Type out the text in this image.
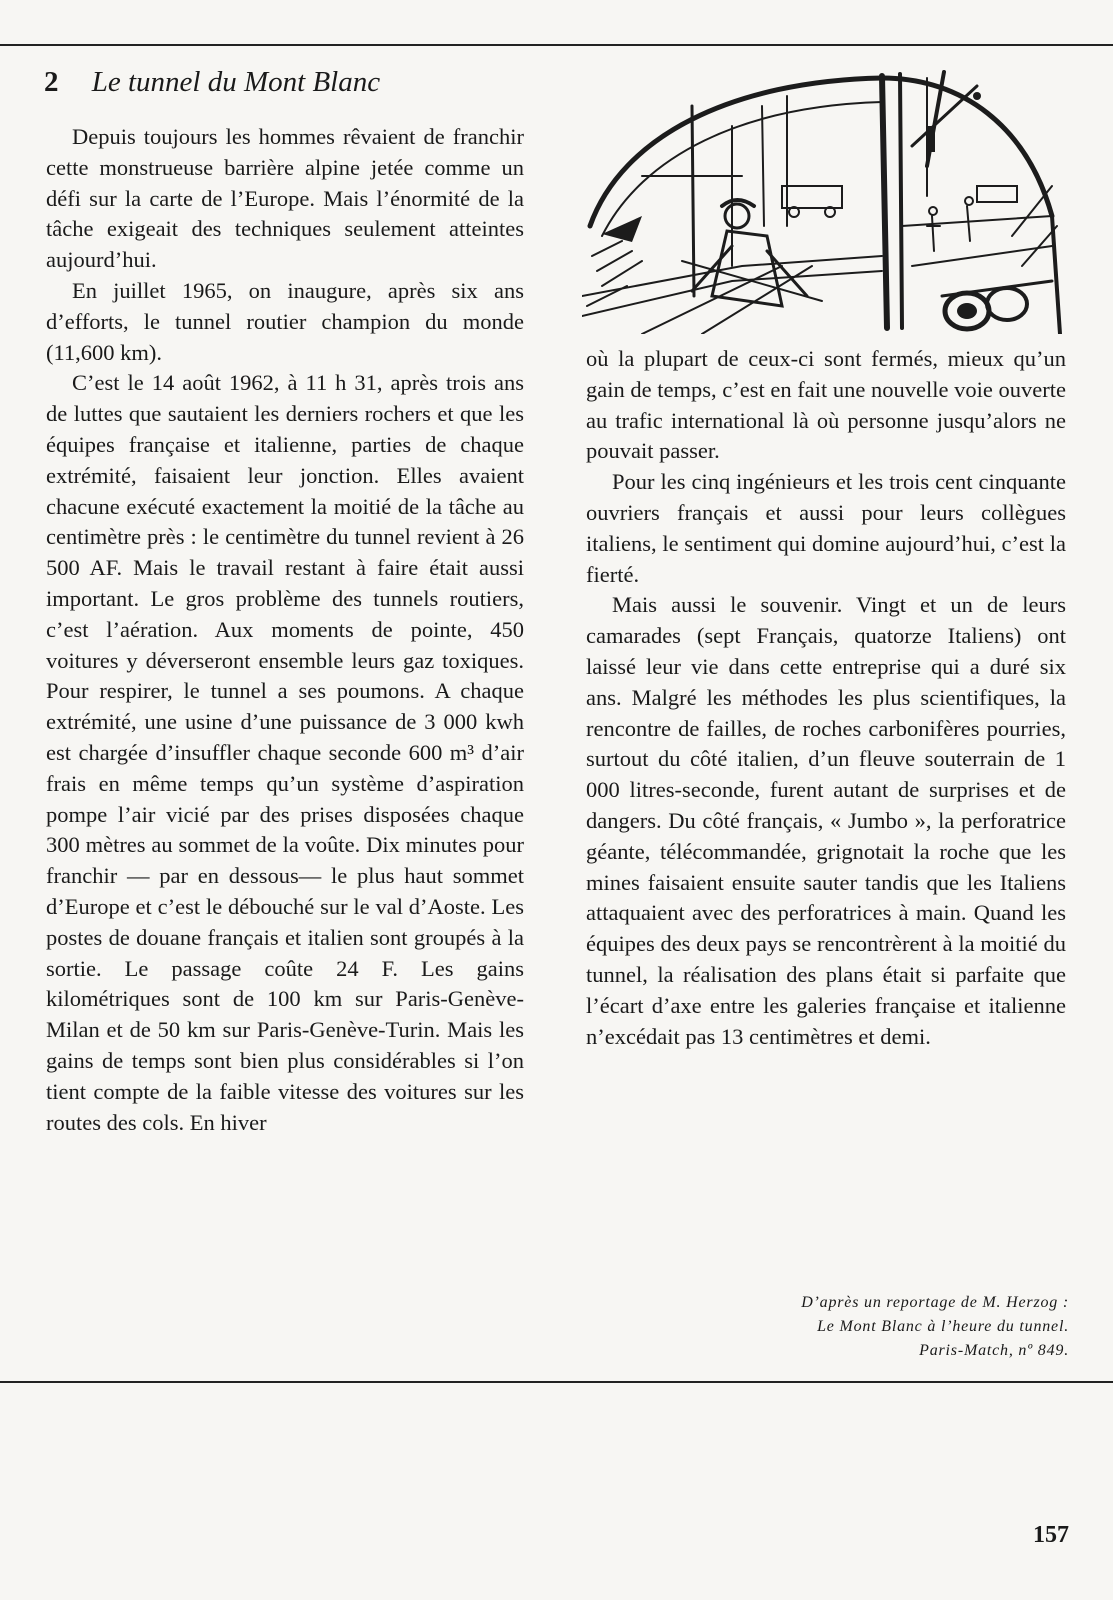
2 Le tunnel du Mont Blanc

Depuis toujours les hommes rêvaient de franchir cette monstrueuse barrière alpine jetée comme un défi sur la carte de l’Europe. Mais l’énormité de la tâche exigeait des techniques seulement atteintes aujourd’hui.

En juillet 1965, on inaugure, après six ans d’efforts, le tunnel routier champion du monde (11,600 km).

C’est le 14 août 1962, à 11 h 31, après trois ans de luttes que sautaient les derniers rochers et que les équipes française et italienne, parties de chaque extrémité, faisaient leur jonction. Elles avaient chacune exécuté exactement la moitié de la tâche au centimètre près : le centimètre du tunnel revient à 26 500 AF. Mais le travail restant à faire était aussi important. Le gros problème des tunnels routiers, c’est l’aération. Aux moments de pointe, 450 voitures y déverseront ensemble leurs gaz toxiques. Pour respirer, le tunnel a ses poumons. A chaque extrémité, une usine d’une puissance de 3 000 kwh est chargée d’insuffler chaque seconde 600 m³ d’air frais en même temps qu’un système d’aspiration pompe l’air vicié par des prises disposées chaque 300 mètres au sommet de la voûte. Dix minutes pour franchir — par en dessous— le plus haut sommet d’Europe et c’est le débouché sur le val d’Aoste. Les postes de douane français et italien sont groupés à la sortie. Le passage coûte 24 F. Les gains kilométriques sont de 100 km sur Paris-Genève-Milan et de 50 km sur Paris-Genève-Turin. Mais les gains de temps sont bien plus considérables si l’on tient compte de la faible vitesse des voitures sur les routes des cols. En hiver

où la plupart de ceux-ci sont fermés, mieux qu’un gain de temps, c’est en fait une nouvelle voie ouverte au trafic international là où personne jusqu’alors ne pouvait passer.

Pour les cinq ingénieurs et les trois cent cinquante ouvriers français et aussi pour leurs collègues italiens, le sentiment qui domine aujourd’hui, c’est la fierté.

Mais aussi le souvenir. Vingt et un de leurs camarades (sept Français, quatorze Italiens) ont laissé leur vie dans cette entreprise qui a duré six ans. Malgré les méthodes les plus scientifiques, la rencontre de failles, de roches carbonifères pourries, surtout du côté italien, d’un fleuve souterrain de 1 000 litres-seconde, furent autant de surprises et de dangers. Du côté français, « Jumbo », la perforatrice géante, télécommandée, grignotait la roche que les mines faisaient ensuite sauter tandis que les Italiens attaquaient avec des perforatrices à main. Quand les équipes des deux pays se rencontrèrent à la moitié du tunnel, la réalisation des plans était si parfaite que l’écart d’axe entre les galeries française et italienne n’excédait pas 13 centimètres et demi.

D’après un reportage de M. Herzog :
Le Mont Blanc à l’heure du tunnel.
Paris-Match, nº 849.
157
